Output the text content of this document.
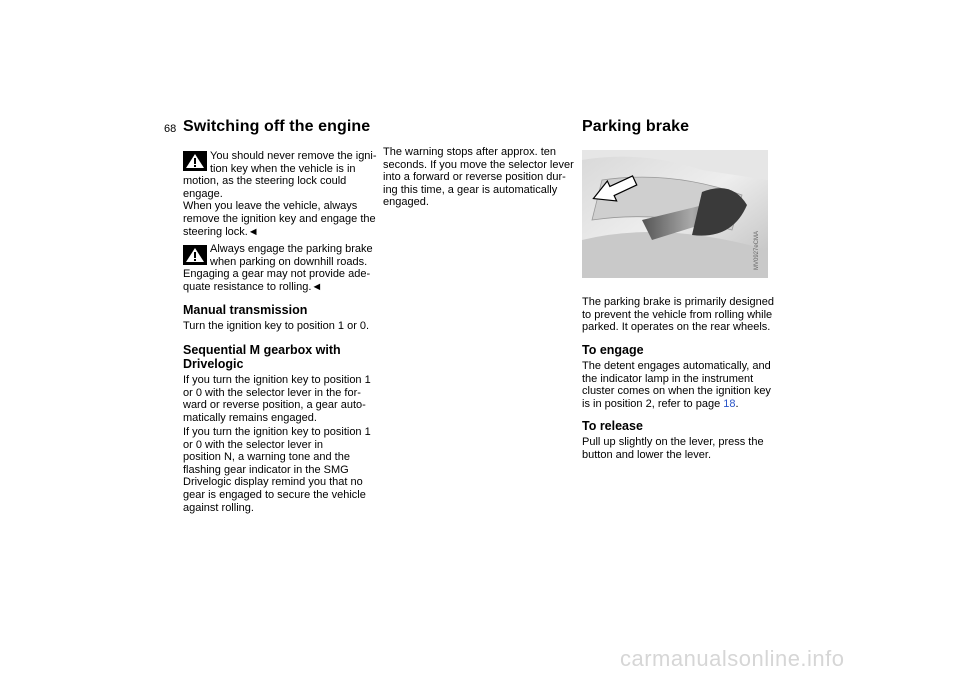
68 Switching off the engine
You should never remove the igni-
tion key when the vehicle is in
motion, as the steering lock could
engage.
When you leave the vehicle, always
remove the ignition key and engage the
steering lock.◄
Always engage the parking brake
when parking on downhill roads.
Engaging a gear may not provide ade-
quate resistance to rolling.◄
Manual transmission
Turn the ignition key to position 1 or 0.
Sequential M gearbox with
Drivelogic
If you turn the ignition key to position 1
or 0 with the selector lever in the for-
ward or reverse position, a gear auto-
matically remains engaged.
If you turn the ignition key to position 1
or 0 with the selector lever in
position N, a warning tone and the
flashing gear indicator in the SMG
Drivelogic display remind you that no
gear is engaged to secure the vehicle
against rolling.
The warning stops after approx. ten
seconds. If you move the selector lever
into a forward or reverse position dur-
ing this time, a gear is automatically
engaged.
Parking brake
MV0927eCMA
The parking brake is primarily designed
to prevent the vehicle from rolling while
parked. It operates on the rear wheels.
To engage
The detent engages automatically, and
the indicator lamp in the instrument
cluster comes on when the ignition key
is in position 2, refer to page 18.
To release
Pull up slightly on the lever, press the
button and lower the lever.
carmanualsonline.info
